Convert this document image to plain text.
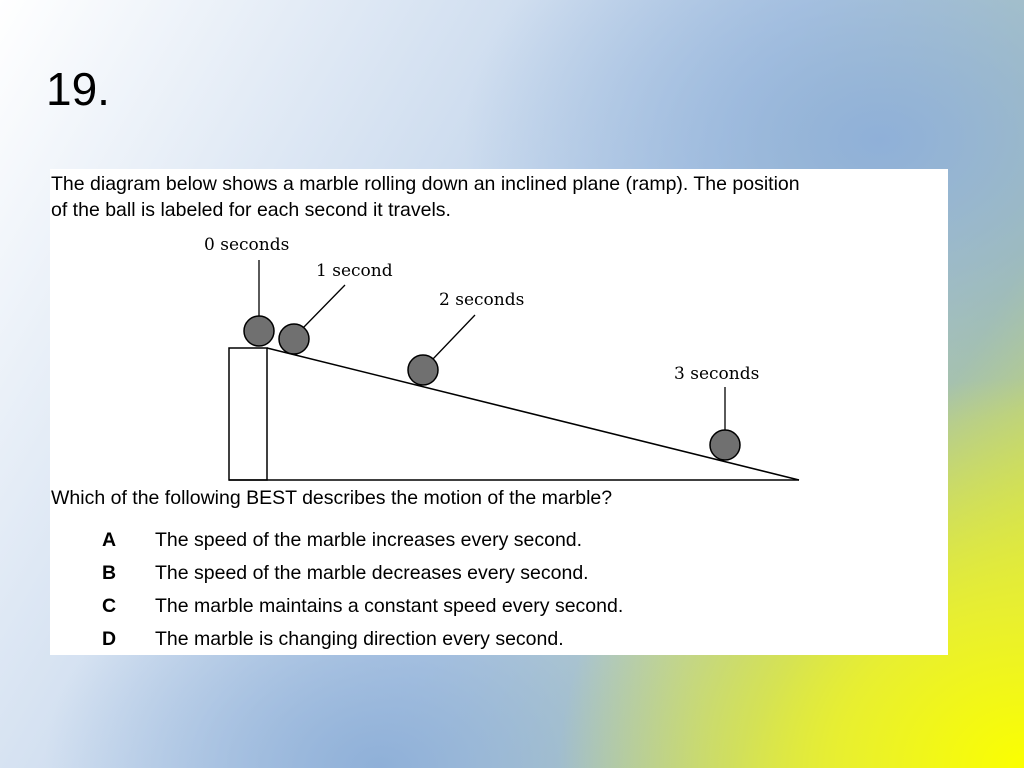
19.
The diagram below shows a marble rolling down an inclined plane (ramp). The position
of the ball is labeled for each second it travels.
0 seconds
1 second
2 seconds
3 seconds
Which of the following BEST describes the motion of the marble?
A	The speed of the marble increases every second.
B	The speed of the marble decreases every second.
C	The marble maintains a constant speed every second.
D	The marble is changing direction every second.
